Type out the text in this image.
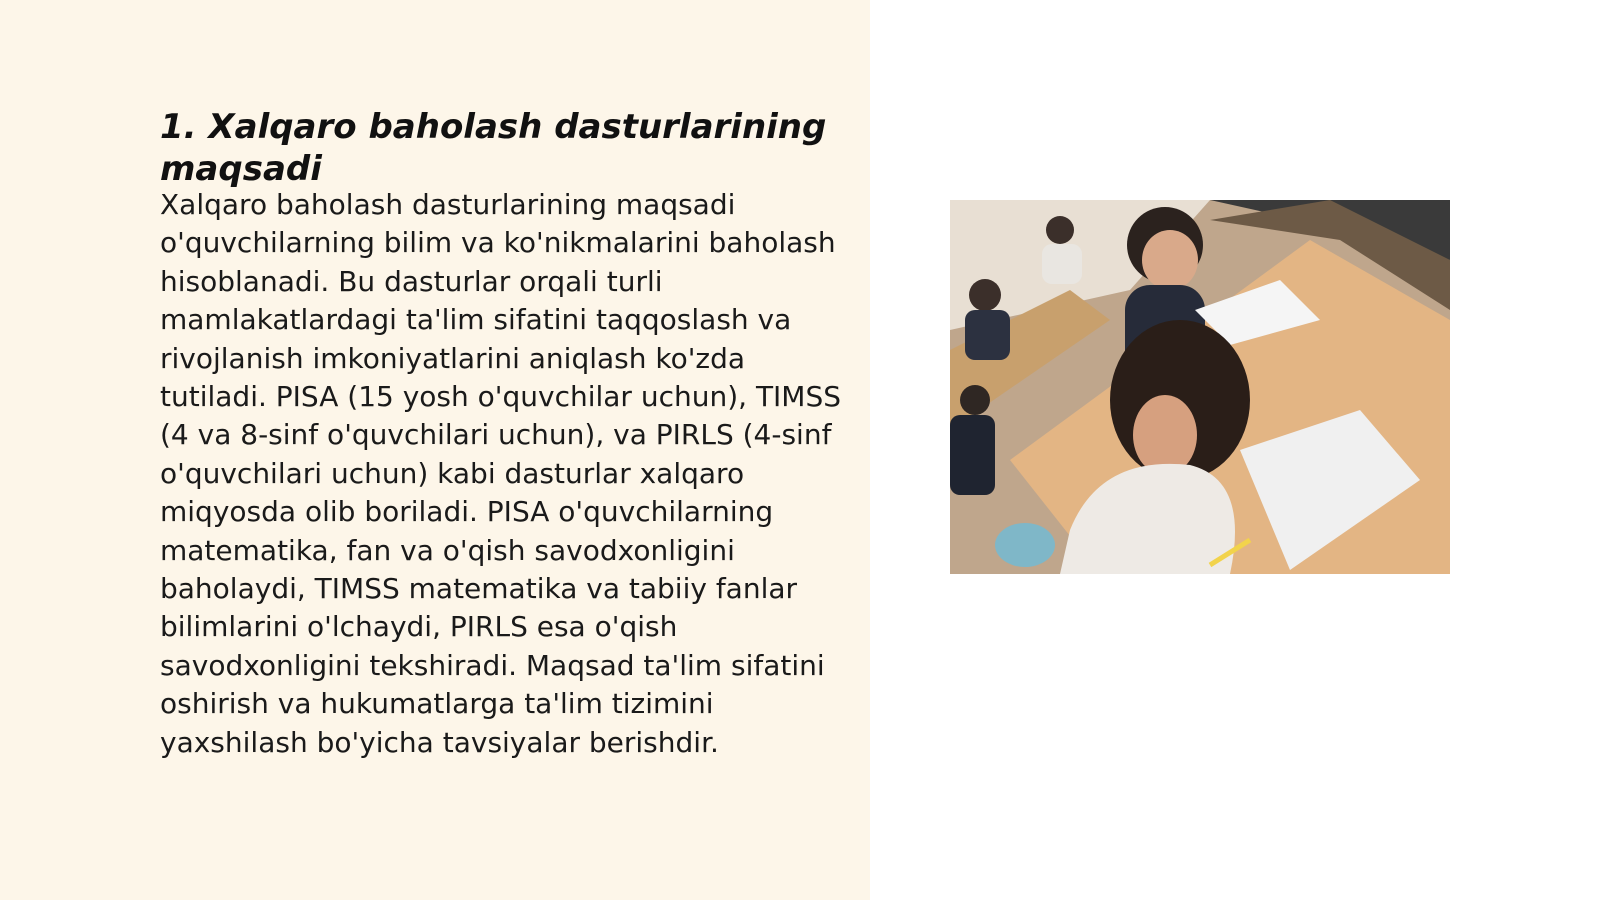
1. Xalqaro baholash dasturlarining maqsadi

Xalqaro baholash dasturlarining maqsadi o'quvchilarning bilim va ko'nikmalarini baholash hisoblanadi. Bu dasturlar orqali turli mamlakatlardagi ta'lim sifatini taqqoslash va rivojlanish imkoniyatlarini aniqlash ko'zda tutiladi. PISA (15 yosh o'quvchilar uchun), TIMSS (4 va 8-sinf o'quvchilari uchun), va PIRLS (4-sinf o'quvchilari uchun) kabi dasturlar xalqaro miqyosda olib boriladi. PISA o'quvchilarning matematika, fan va o'qish savodxonligini baholaydi, TIMSS matematika va tabiiy fanlar bilimlarini o'lchaydi, PIRLS esa o'qish savodxonligini tekshiradi. Maqsad ta'lim sifatini oshirish va hukumatlarga ta'lim tizimini yaxshilash bo'yicha tavsiyalar berishdir.
